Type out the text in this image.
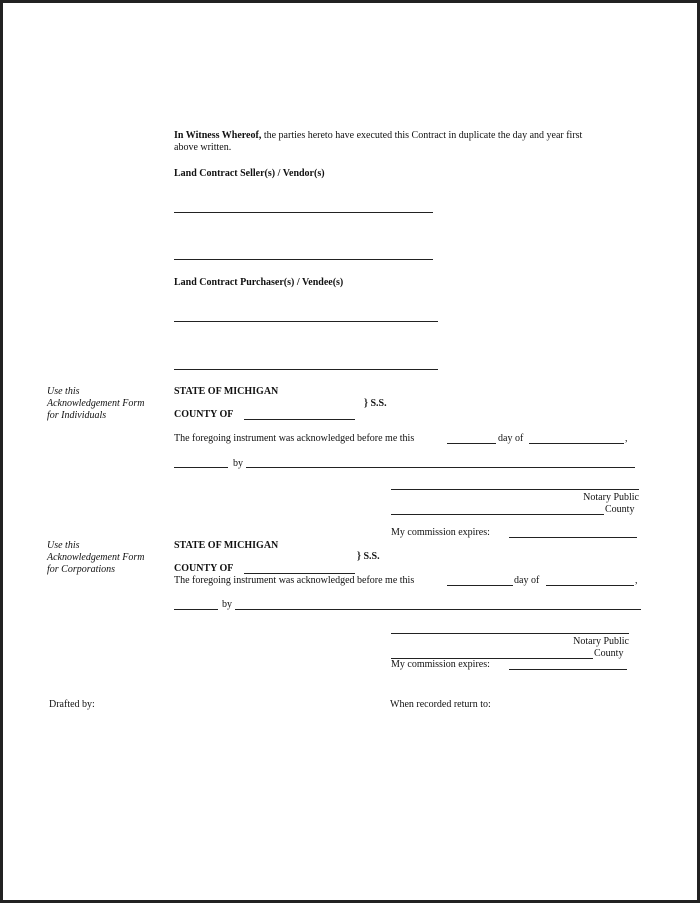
In Witness Whereof, the parties hereto have executed this Contract in duplicate the day and year first
above written.
Land Contract Seller(s) / Vendor(s)
Land Contract Purchaser(s) / Vendee(s)
Use this
Acknowledgement Form
for Individuals
STATE OF MICHIGAN
} S.S.
COUNTY OF
The foregoing instrument was acknowledged before me this	day of	,
by
Notary Public
County
My commission expires:
Use this
Acknowledgement Form
for Corporations
STATE OF MICHIGAN
} S.S.
COUNTY OF
The foregoing instrument was acknowledged before me this	day of	,
by
Notary Public
County
My commission expires:
Drafted by:	When recorded return to:
